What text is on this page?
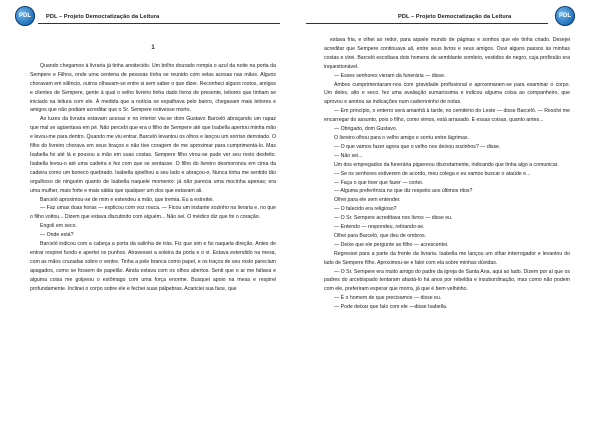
PDL	PDL – Projeto Democratização da Leitura
1

Quando chegamos à livraria já tinha anoitecido. Um brilho dourado rompia o azul da noite na porta da Sempere e Filhos, onde uma centena de pessoas tinha se reunido com velas acesas nas mãos. Alguns choravam em silêncio, outros olhavam-se entre si sem saber o que dizer. Reconheci alguns rostos, amigos e clientes de Sempere, gente à qual o velho livreiro tinha dado livros de presente, leitores que tinham se iniciado na leitura com ele. À medida que a notícia se espalhava pelo bairro, chegavam mais leitores e amigos que não podiam acreditar que o Sr. Sempere estivesse morto.

As luzes da livraria estavam acesas e no interior via-se dom Gustavo Barceló abraçando um rapaz que mal se agüentava em pé. Não percebi que era o filho de Sempere até que Isabella apertou minha mão e levou-me para dentro. Quando me viu entrar, Barceló levantou os olhos e lançou um sorriso derrotado. O filho do livreiro chorava em seus braços e não tive coragem de me aproximar para cumprimentá-lo. Mas Isabella foi até lá e pousou a mão em suas costas. Sempere filho virou-se pude ver seu rosto desfeito. Isabella levou-o até uma cadeira e fez com que se sentasse. O filho do livreiro desmoronou em cima da cadeira como um boneco quebrado. Isabella ajoelhou a seu lado e abraçou-o. Nunca tinha me sentido tão orgulhoso de ninguém quanto de Isabella naquele momento: já não parecia uma mocinha apenas; era uma mulher, mais forte e mais sábia que qualquer um dos que estavam ali.

Barceló aproximou-se de mim e estendeu a mão, que tremia. Eu a estreitei.

— Faz umas duas horas — explicou com voz rouca. — Ficou um instante sozinho na livraria e, no que o filho voltou... Dizem que estava discutindo com alguém... Não sei. O médico diz que foi o coração.

Engoli em seco.

— Onde está?

Barceló indicou com a cabeça a porta da salinha de trás. Fiz que sim e fui naquela direção. Antes de entrar respirei fundo e apertei os punhos. Atravessei a soleira da porta e o vi. Estava estendido na mesa, com as mãos cruzadas sobre o ventre. Tinha a pele branca como papel, e os traços de seu rosto pareciam apagados, como se fossem de papelão. Ainda estava com os olhos abertos. Senti que o ar me faltava e alguma coisa me golpeou o estômago com uma força enorme. Busquei apoio na mesa e respirei profundamente. Inclinei o corpo sobre ele e fechei suas pálpebras. Acariciei sua face, que

PDL – Projeto Democratização da Leitura	PDL

estava fria, e olhei ao redor, para aquele mundo de páginas e sonhos que ele tinha criado. Desejei acreditar que Sempere continuava ali, entre seus livros e seus amigos. Ouvi alguns passos às minhas costas e virei. Barceló escoltava dois homens de semblante sombrio, vestidos de negro, cuja profissão era inquestionável.

— Esses senhores vieram da funerária — disse.

Ambos cumprimentaram-nos com gravidade profissional e aproximaram-se para examinar o corpo. Um deles, alto e seco, fez uma avaliação sumaríssima e indicou alguma coisa ao companheiro, que aprovou e anotou as indicações num cadernninho de notas.

— Em princípio, o enterro será amanhã à tarde, no cemitério do Leste — disse Barceló. — Resolvi me encarregar do assunto, pois o filho, como vimos, está arrasado. E essas coisas, quanto antes...

— Obrigado, dom Gustavo.

O livreiro olhou para o velho amigo e sorriu entre lágrimas.

— O que vamos fazer agora que o velho nos deixou sozinhos? — disse.

— Não sei...

Um dos empregados da funerária pigarreou discretamente, indicando que tinha algo a comunicar.

— Se os senhores estiverem de acordo, meu colega e eu vamos buscar o ataúde e...

— Faça o que tiver que fazer — cortei.

— Alguma preferência no que diz respeito aos últimos ritos?

Olhei para ele sem entender.

— O falecido era religioso?

— O Sr. Sempere acreditava nos livros — disse eu.

— Entendo — respondeu, retirando-se.

Olhei para Barceló, que deu de ombros.

— Deixe que ele pergunte ao filho — acrescentei.

Regressei para a parte da frente da livraria. Isabella me lançou um olhar interrogador e levantou do lado de Sempere filho. Aproximou-se e falei com ela sobre minhas dúvidas.

— O Sr. Sempere era muito amigo do padre da igreja de Santa Ana, aqui ao lado. Dizem por aí que os padres do arcebispado tentaram afastá-lo há anos por rebeldia e insubordinação, mas como não podem com ele, preferiram esperar que morra, já que é bem velhinho.

— É o homem de que precisamos — disse eu.

— Pode deixar que falo com ele —disse Isabella.
